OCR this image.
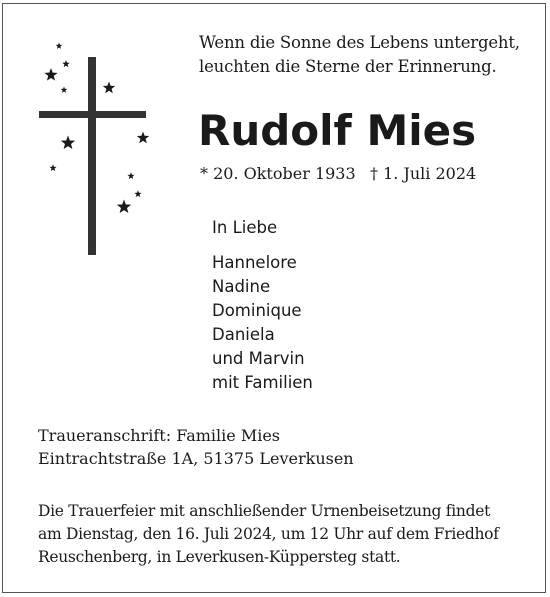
Wenn die Sonne des Lebens untergeht,
leuchten die Sterne der Erinnerung.
Rudolf Mies
* 20. Oktober 1933 † 1. Juli 2024
In Liebe
Hannelore
Nadine
Dominique
Daniela
und Marvin
mit Familien
Traueranschrift: Familie Mies
Eintrachtstraße 1A, 51375 Leverkusen
Die Trauerfeier mit anschließender Urnenbeisetzung findet
am Dienstag, den 16. Juli 2024, um 12 Uhr auf dem Friedhof
Reuschenberg, in Leverkusen-Küppersteg statt.
